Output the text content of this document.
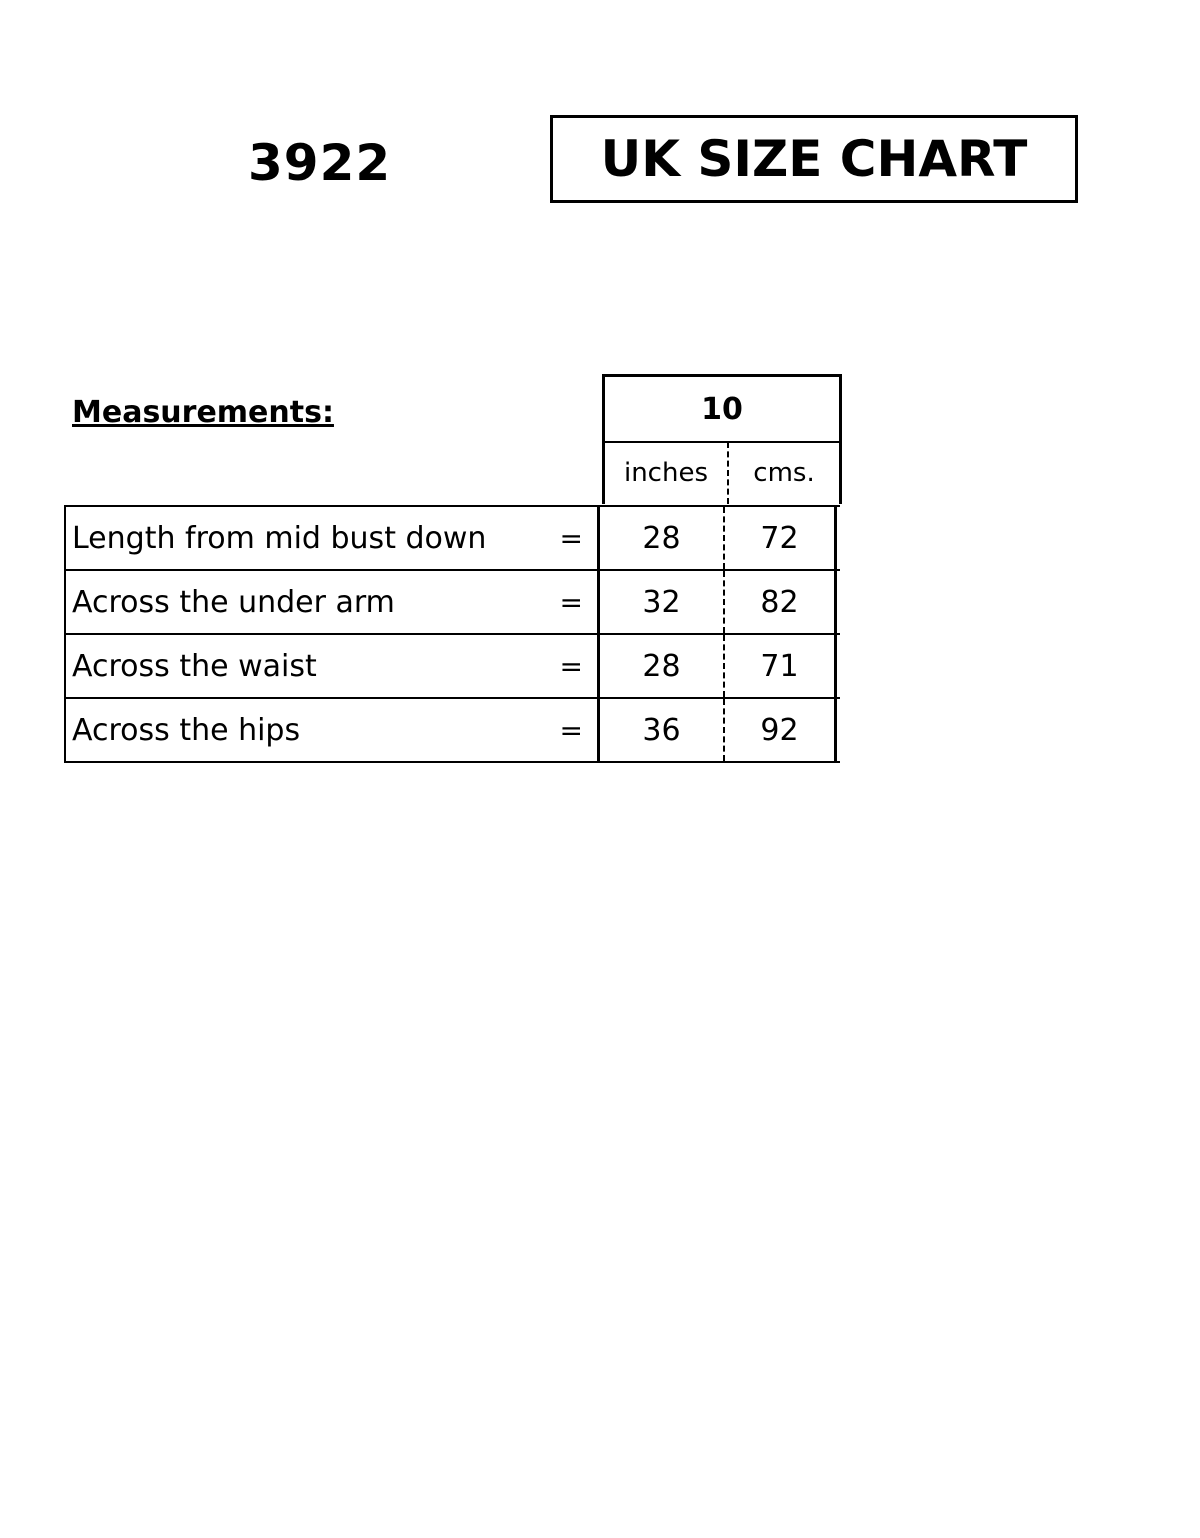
3922	UK SIZE CHART
Measurements:	10
inches	cms.
Length from mid bust down	=	28	72
Across the under arm	=	32	82
Across the waist	=	28	71
Across the hips	=	36	92
